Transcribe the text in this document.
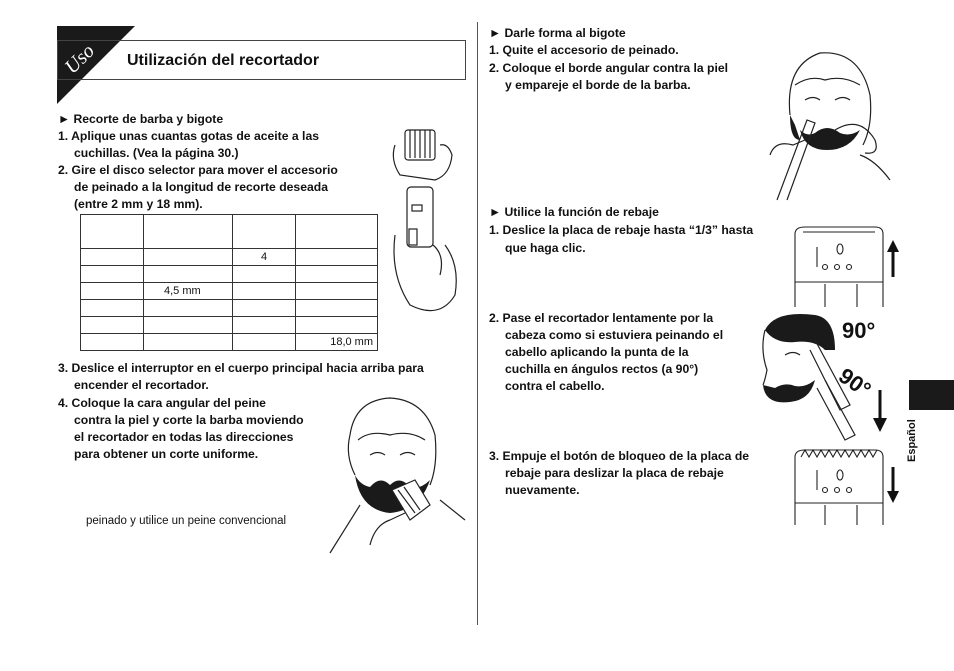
Uso Utilización del recortador
► Recorte de barba y bigote
1. Aplique unas cuantas gotas de aceite a las
cuchillas. (Vea la página 30.)
2. Gire el disco selector para mover el accesorio
de peinado a la longitud de recorte deseada
(entre 2 mm y 18 mm).

		4	

	4,5 mm		

			18,0 mm
3. Deslice el interruptor en el cuerpo principal hacia arriba para
encender el recortador.
4. Coloque la cara angular del peine
contra la piel y corte la barba moviendo
el recortador en todas las direcciones
para obtener un corte uniforme.
peinado y utilice un peine convencional
► Darle forma al bigote
1. Quite el accesorio de peinado.
2. Coloque el borde angular contra la piel
y empareje el borde de la barba.
► Utilice la función de rebaje
1. Deslice la placa de rebaje hasta “1/3” hasta
que haga clic.
2. Pase el recortador lentamente por la
cabeza como si estuviera peinando el
cabello aplicando la punta de la
cuchilla en ángulos rectos (a 90°)
contra el cabello.
90°
90°
3. Empuje el botón de bloqueo de la placa de
rebaje para deslizar la placa de rebaje
nuevamente.
Español
